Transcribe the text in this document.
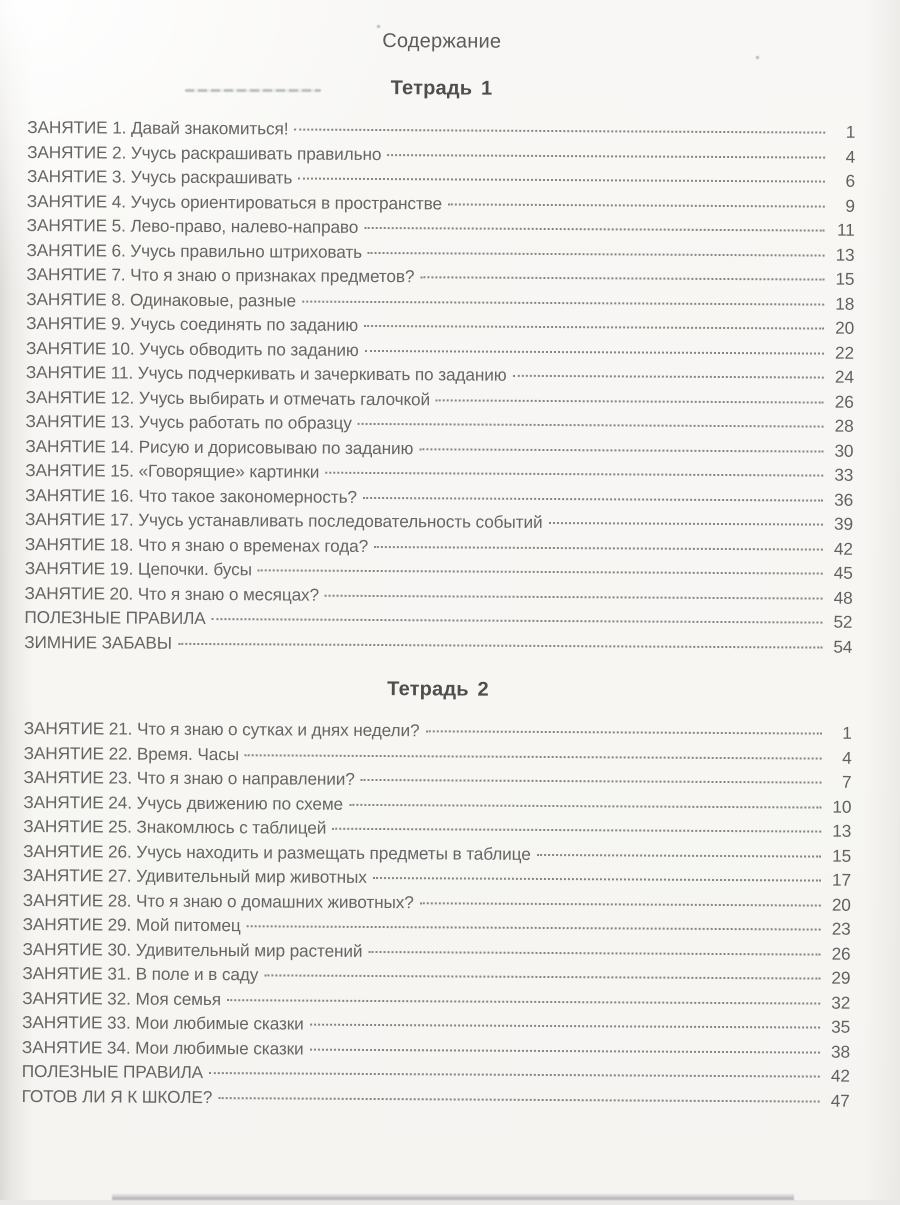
Содержание
Тетрадь 1
ЗАНЯТИЕ 1. Давай знакомиться!	1
ЗАНЯТИЕ 2. Учусь раскрашивать правильно	4
ЗАНЯТИЕ 3. Учусь раскрашивать	6
ЗАНЯТИЕ 4. Учусь ориентироваться в пространстве	9
ЗАНЯТИЕ 5. Лево-право, налево-направо	11
ЗАНЯТИЕ 6. Учусь правильно штриховать	13
ЗАНЯТИЕ 7. Что я знаю о признаках предметов?	15
ЗАНЯТИЕ 8. Одинаковые, разные	18
ЗАНЯТИЕ 9. Учусь соединять по заданию	20
ЗАНЯТИЕ 10. Учусь обводить по заданию	22
ЗАНЯТИЕ 11. Учусь подчеркивать и зачеркивать по заданию	24
ЗАНЯТИЕ 12. Учусь выбирать и отмечать галочкой	26
ЗАНЯТИЕ 13. Учусь работать по образцу	28
ЗАНЯТИЕ 14. Рисую и дорисовываю по заданию	30
ЗАНЯТИЕ 15. «Говорящие» картинки	33
ЗАНЯТИЕ 16. Что такое закономерность?	36
ЗАНЯТИЕ 17. Учусь устанавливать последовательность событий	39
ЗАНЯТИЕ 18. Что я знаю о временах года?	42
ЗАНЯТИЕ 19. Цепочки. бусы	45
ЗАНЯТИЕ 20. Что я знаю о месяцах?	48
ПОЛЕЗНЫЕ ПРАВИЛА	52
ЗИМНИЕ ЗАБАВЫ	54
Тетрадь 2
ЗАНЯТИЕ 21. Что я знаю о сутках и днях недели?	1
ЗАНЯТИЕ 22. Время. Часы	4
ЗАНЯТИЕ 23. Что я знаю о направлении?	7
ЗАНЯТИЕ 24. Учусь движению по схеме	10
ЗАНЯТИЕ 25. Знакомлюсь с таблицей	13
ЗАНЯТИЕ 26. Учусь находить и размещать предметы в таблице	15
ЗАНЯТИЕ 27. Удивительный мир животных	17
ЗАНЯТИЕ 28. Что я знаю о домашних животных?	20
ЗАНЯТИЕ 29. Мой питомец	23
ЗАНЯТИЕ 30. Удивительный мир растений	26
ЗАНЯТИЕ 31. В поле и в саду	29
ЗАНЯТИЕ 32. Моя семья	32
ЗАНЯТИЕ 33. Мои любимые сказки	35
ЗАНЯТИЕ 34. Мои любимые сказки	38
ПОЛЕЗНЫЕ ПРАВИЛА	42
ГОТОВ ЛИ Я К ШКОЛЕ?	47
